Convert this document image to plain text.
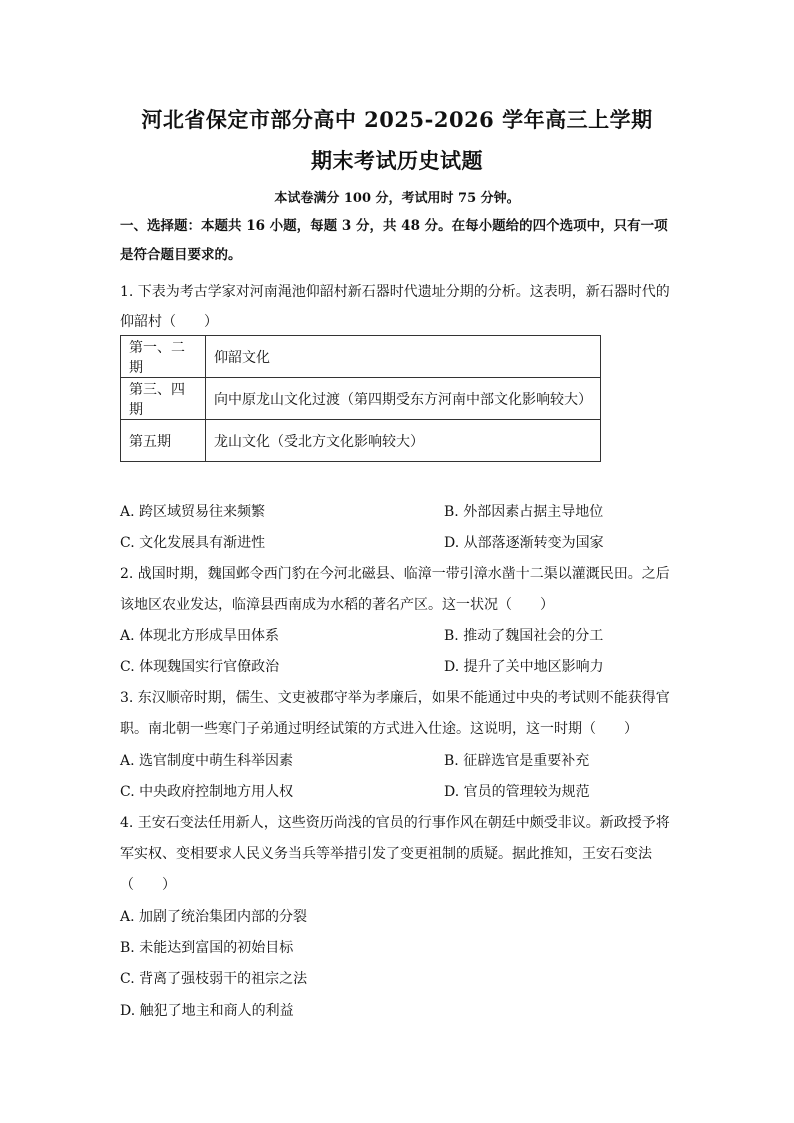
河北省保定市部分高中 2025-2026 学年高三上学期
期末考试历史试题
本试卷满分 100 分，考试用时 75 分钟。
一、选择题：本题共 16 小题，每题 3 分，共 48 分。在每小题给的四个选项中，只有一项
是符合题目要求的。
1. 下表为考古学家对河南渑池仰韶村新石器时代遗址分期的分析。这表明，新石器时代的
仰韶村（　　）
第一、二期	仰韶文化
第三、四期	向中原龙山文化过渡（第四期受东方河南中部文化影响较大）
第五期	龙山文化（受北方文化影响较大）
A. 跨区域贸易往来频繁	B. 外部因素占据主导地位
C. 文化发展具有渐进性	D. 从部落逐渐转变为国家
2. 战国时期，魏国邺令西门豹在今河北磁县、临漳一带引漳水凿十二渠以灌溉民田。之后
该地区农业发达，临漳县西南成为水稻的著名产区。这一状况（　　）
A. 体现北方形成旱田体系	B. 推动了魏国社会的分工
C. 体现魏国实行官僚政治	D. 提升了关中地区影响力
3. 东汉顺帝时期，儒生、文吏被郡守举为孝廉后，如果不能通过中央的考试则不能获得官
职。南北朝一些寒门子弟通过明经试策的方式进入仕途。这说明，这一时期（　　）
A. 选官制度中萌生科举因素	B. 征辟选官是重要补充
C. 中央政府控制地方用人权	D. 官员的管理较为规范
4. 王安石变法任用新人，这些资历尚浅的官员的行事作风在朝廷中颇受非议。新政授予将
军实权、变相要求人民义务当兵等举措引发了变更祖制的质疑。据此推知，王安石变法
（　　）
A. 加剧了统治集团内部的分裂
B. 未能达到富国的初始目标
C. 背离了强枝弱干的祖宗之法
D. 触犯了地主和商人的利益
